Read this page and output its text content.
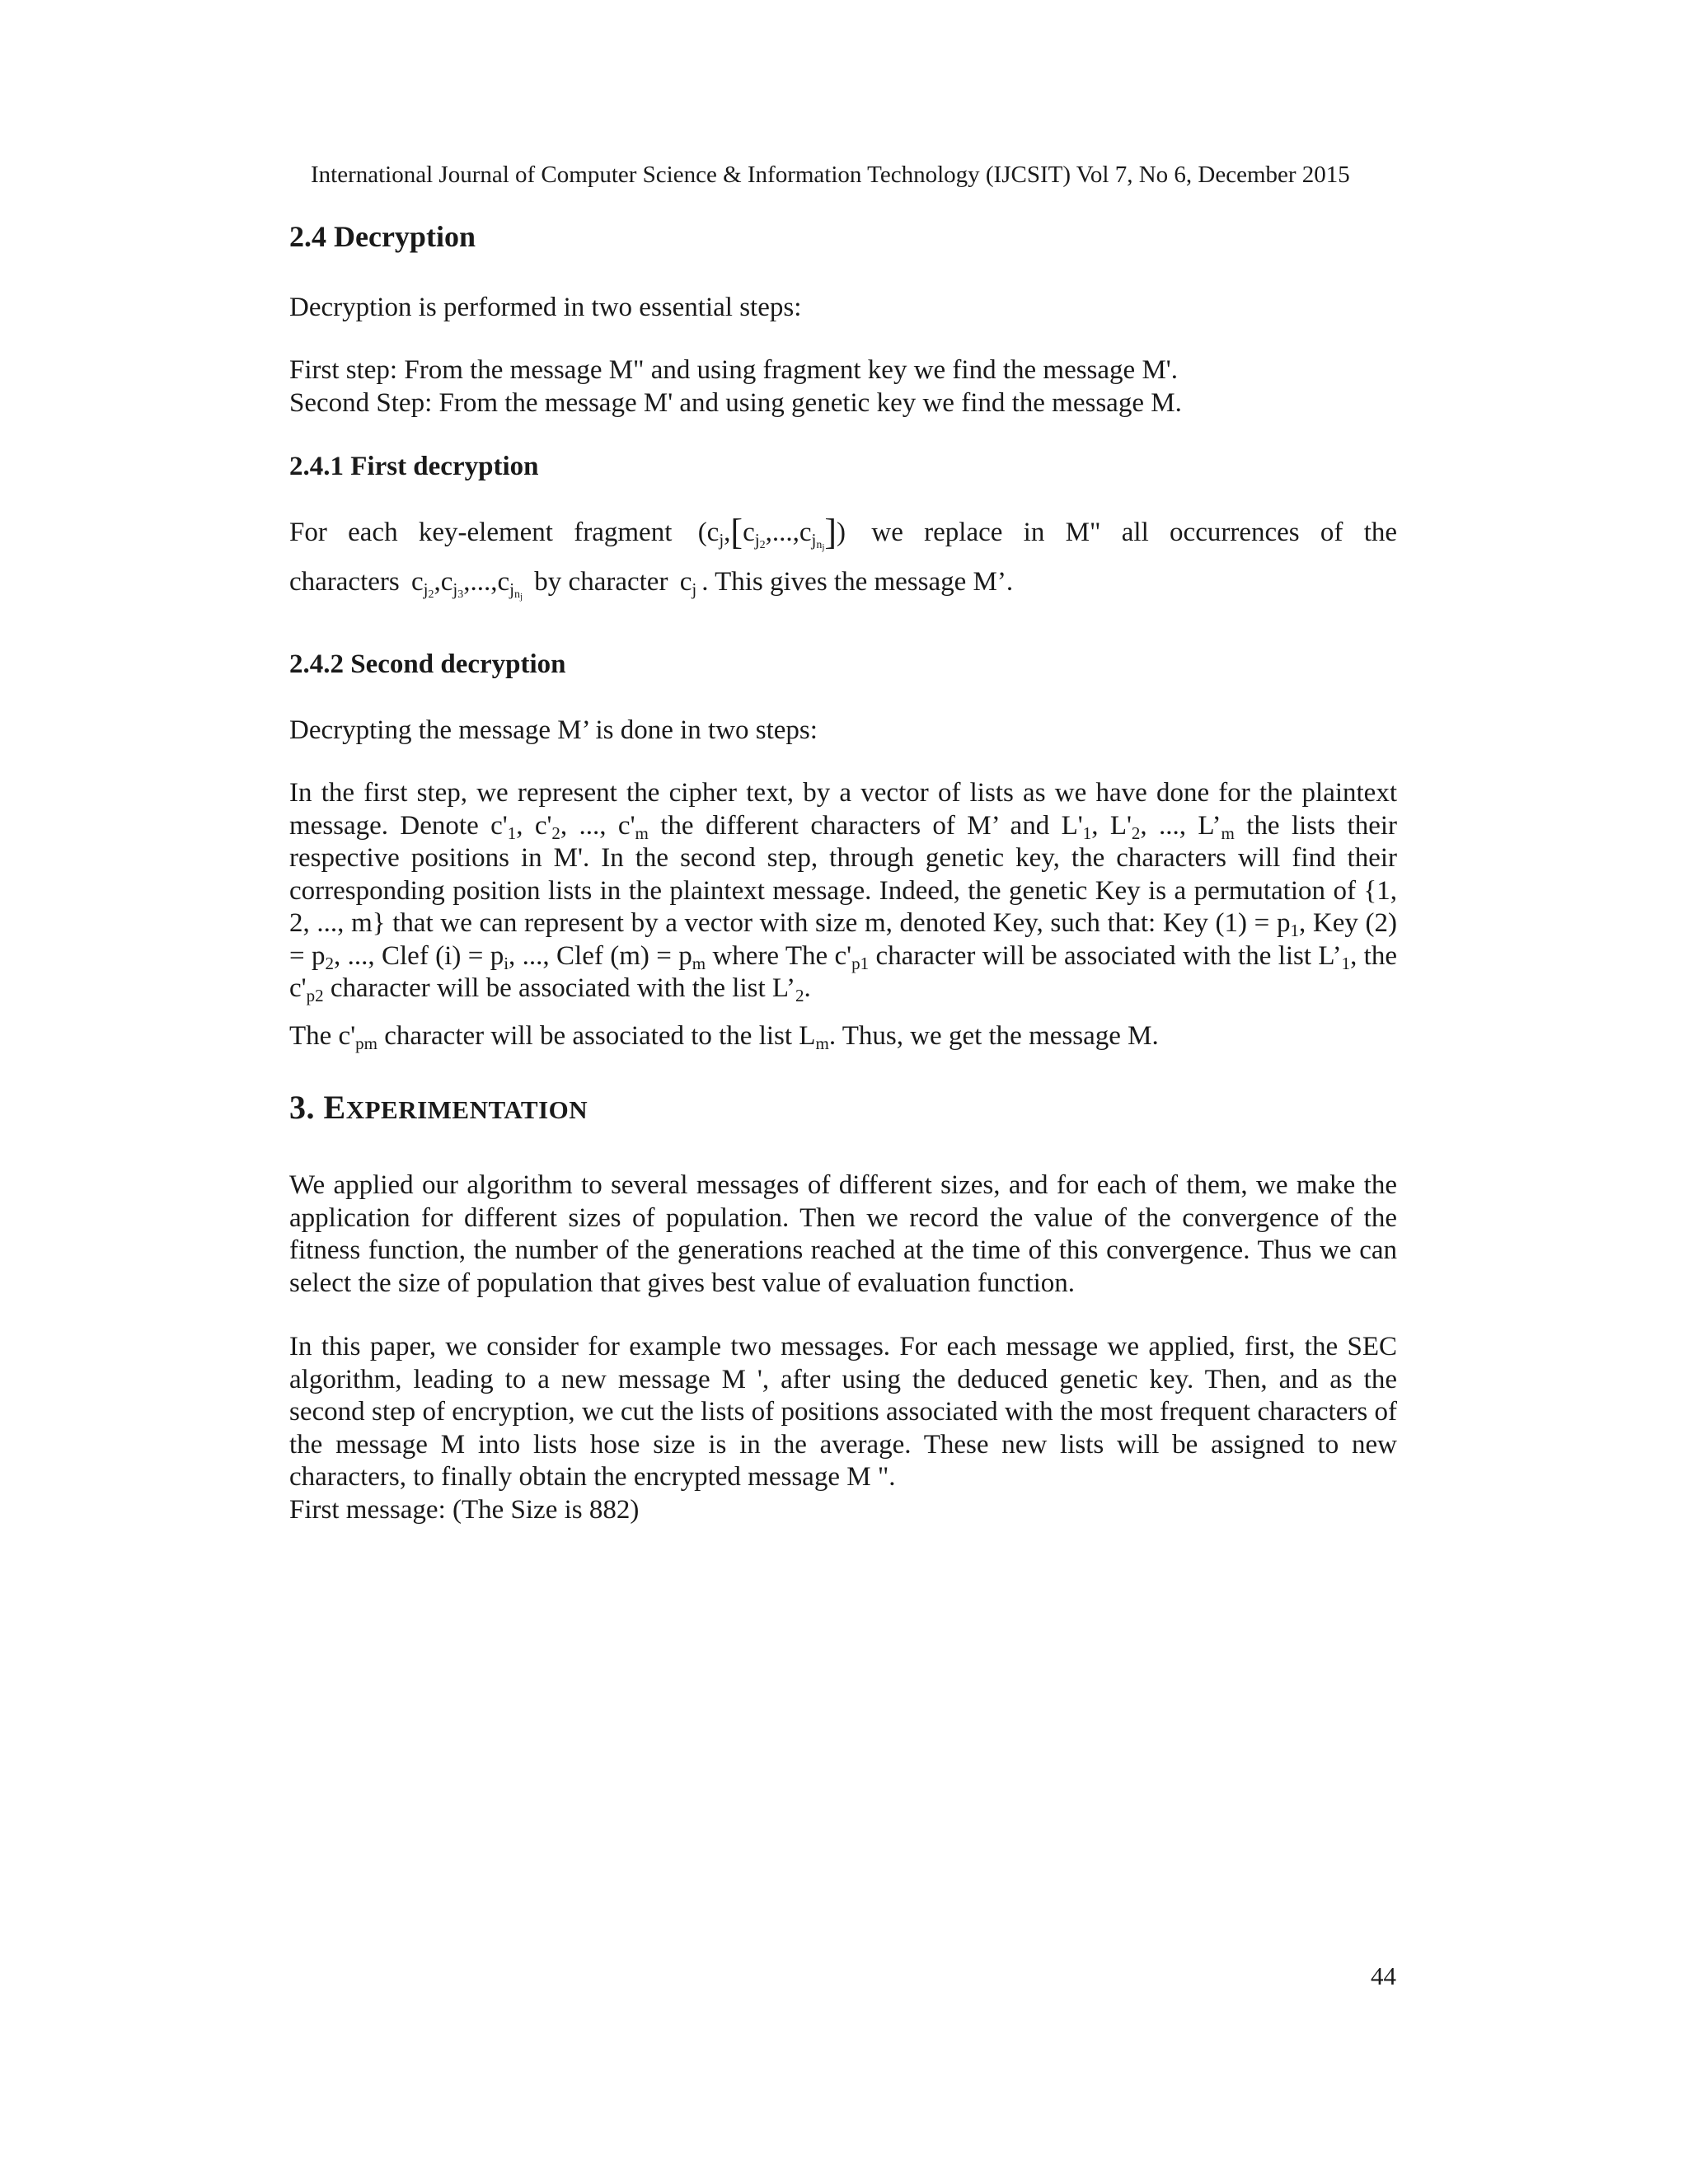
International Journal of Computer Science & Information Technology (IJCSIT) Vol 7, No 6, December 2015
2.4 Decryption

Decryption is performed in two essential steps:

First step: From the message M" and using fragment key we find the message M'.

Second Step: From the message M' and using genetic key we find the message M.

2.4.1 First decryption

For each key-element fragment $(c_j,[c_{j_2},...,c_{j_{n_j}}])$ we replace in M" all occurrences of the

characters $c_{j_2},c_{j_3},...,c_{j_{n_j}}$ by character $c_j$ . This gives the message M’.

2.4.2 Second decryption

Decrypting the message M’ is done in two steps:

In the first step, we represent the cipher text, by a vector of lists as we have done for the plaintext message. Denote $c'_1$, $c'_2$, ..., $c'_m$ the different characters of M’ and $L'_1$, $L'_2$, ..., $L’_m$ the lists their respective positions in M'. In the second step, through genetic key, the characters will find their corresponding position lists in the plaintext message. Indeed, the genetic Key is a permutation of {1, 2, ..., m} that we can represent by a vector with size m, denoted Key, such that: Key $(1) = p_1$, Key $(2) = p_2$, ..., Clef $(i) = p_i$, ..., Clef $(m) = p_m$ where The $c'_{p1}$ character will be associated with the list $L’_1$, the $c'_{p2}$ character will be associated with the list $L’_2$.

The $c'_{pm}$ character will be associated to the list $L_m$. Thus, we get the message M.

3. EXPERIMENTATION

We applied our algorithm to several messages of different sizes, and for each of them, we make the application for different sizes of population. Then we record the value of the convergence of the fitness function, the number of the generations reached at the time of this convergence. Thus we can select the size of population that gives best value of evaluation function.

In this paper, we consider for example two messages. For each message we applied, first, the SEC algorithm, leading to a new message M ', after using the deduced genetic key. Then, and as the second step of encryption, we cut the lists of positions associated with the most frequent characters of the message M into lists hose size is in the average. These new lists will be assigned to new characters, to finally obtain the encrypted message M ".

First message: (The Size is 882)

44
